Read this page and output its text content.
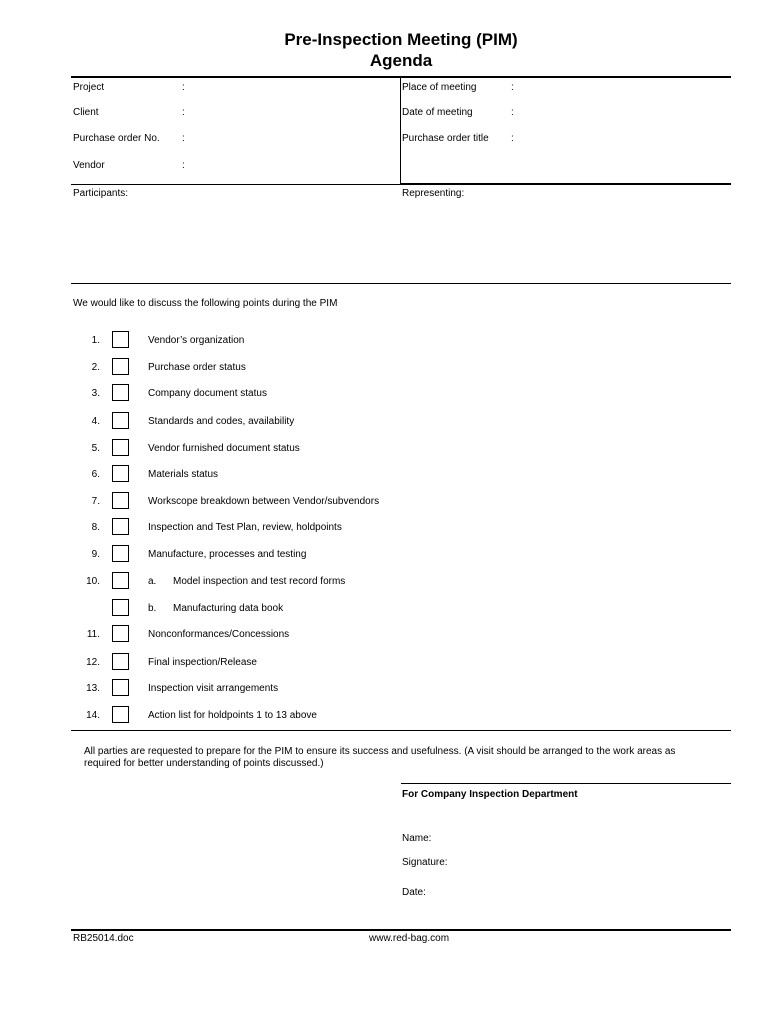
Pre-Inspection Meeting (PIM)
Agenda
Project	:
Client	:
Purchase order No. :
Vendor	:
Place of meeting	:
Date of meeting	:
Purchase order title :
Participants:	Representing:
We would like to discuss the following points during the PIM
1.	Vendor’s organization
2.	Purchase order status
3.	Company document status
4.	Standards and codes, availability
5.	Vendor furnished document status
6.	Materials status
7.	Workscope breakdown between Vendor/subvendors
8.	Inspection and Test Plan, review, holdpoints
9.	Manufacture, processes and testing
10.	a. Model inspection and test record forms
b. Manufacturing data book
11.	Nonconformances/Concessions
12.	Final inspection/Release
13.	Inspection visit arrangements
14.	Action list for holdpoints 1 to 13 above
All parties are requested to prepare for the PIM to ensure its success and usefulness. (A visit should be arranged to the work areas as required for better understanding of points discussed.)
For Company Inspection Department
Name:
Signature:
Date:
RB25014.doc	www.red-bag.com
